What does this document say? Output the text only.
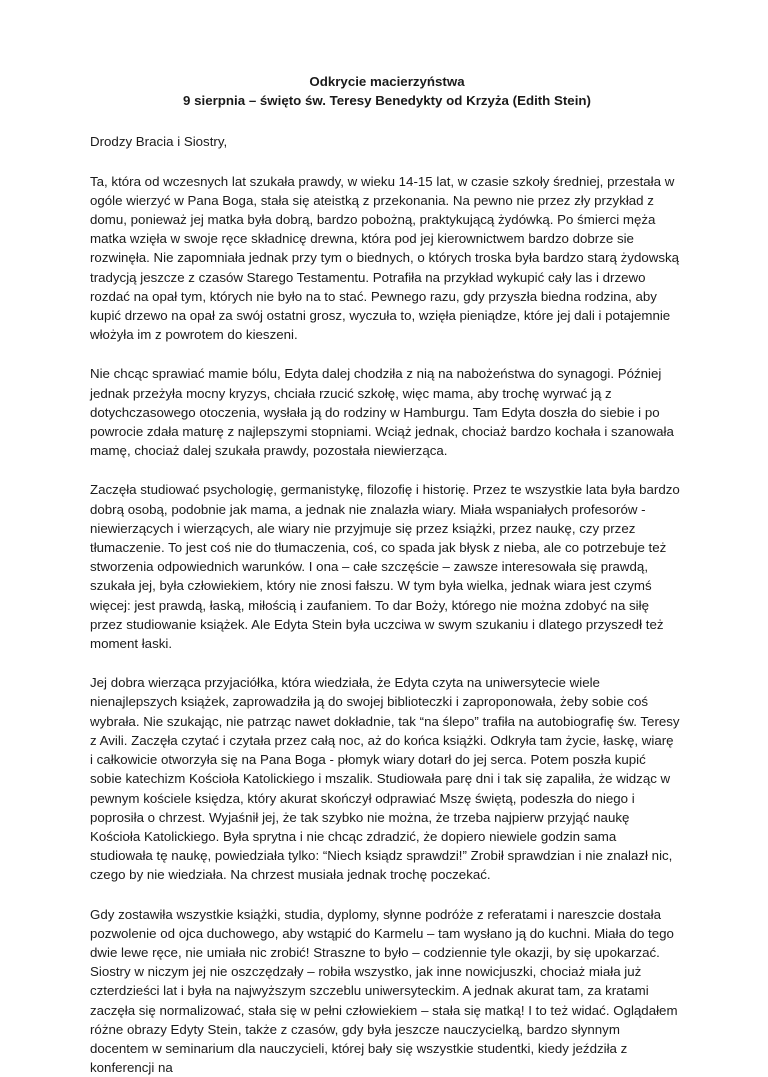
Odkrycie macierzyństwa
9 sierpnia – święto św. Teresy Benedykty od Krzyża (Edith Stein)

Drodzy Bracia i Siostry,

Ta, która od wczesnych lat szukała prawdy, w wieku 14-15 lat, w czasie szkoły średniej, przestała w ogóle wierzyć w Pana Boga, stała się ateistką z przekonania. Na pewno nie przez zły przykład z domu, ponieważ jej matka była dobrą, bardzo pobożną, praktykującą żydówką. Po śmierci męża matka wzięła w swoje ręce składnicę drewna, która pod jej kierownictwem bardzo dobrze sie rozwinęła. Nie zapomniała jednak przy tym o biednych, o których troska była bardzo starą żydowską tradycją jeszcze z czasów Starego Testamentu. Potrafiła na przykład wykupić cały las i drzewo rozdać na opał tym, których nie było na to stać. Pewnego razu, gdy przyszła biedna rodzina, aby kupić drzewo na opał za swój ostatni grosz, wyczuła to, wzięła pieniądze, które jej dali i potajemnie włożyła im z powrotem do kieszeni.

Nie chcąc sprawiać mamie bólu, Edyta dalej chodziła z nią na nabożeństwa do synagogi. Później jednak przeżyła mocny kryzys, chciała rzucić szkołę, więc mama, aby trochę wyrwać ją z dotychczasowego otoczenia, wysłała ją do rodziny w Hamburgu. Tam Edyta doszła do siebie i po powrocie zdała maturę z najlepszymi stopniami. Wciąż jednak, chociaż bardzo kochała i szanowała mamę, chociaż dalej szukała prawdy, pozostała niewierząca.

Zaczęła studiować psychologię, germanistykę, filozofię i historię. Przez te wszystkie lata była bardzo dobrą osobą, podobnie jak mama, a jednak nie znalazła wiary. Miała wspaniałych profesorów - niewierzących i wierzących, ale wiary nie przyjmuje się przez książki, przez naukę, czy przez tłumaczenie. To jest coś nie do tłumaczenia, coś, co spada jak błysk z nieba, ale co potrzebuje też stworzenia odpowiednich warunków. I ona – całe szczęście – zawsze interesowała się prawdą, szukała jej, była człowiekiem, który nie znosi fałszu. W tym była wielka, jednak wiara jest czymś więcej: jest prawdą, łaską, miłością i zaufaniem. To dar Boży, którego nie można zdobyć na siłę przez studiowanie książek. Ale Edyta Stein była uczciwa w swym szukaniu i dlatego przyszedł też moment łaski.

Jej dobra wierząca przyjaciółka, która wiedziała, że Edyta czyta na uniwersytecie wiele nienajlepszych książek, zaprowadziła ją do swojej biblioteczki i zaproponowała, żeby sobie coś wybrała. Nie szukając, nie patrząc nawet dokładnie, tak “na ślepo” trafiła na autobiografię św. Teresy z Avili. Zaczęła czytać i czytała przez całą noc, aż do końca książki. Odkryła tam życie, łaskę, wiarę i całkowicie otworzyła się na Pana Boga - płomyk wiary dotarł do jej serca. Potem poszła kupić sobie katechizm Kościoła Katolickiego i mszalik. Studiowała parę dni i tak się zapaliła, że widząc w pewnym kościele księdza, który akurat skończył odprawiać Mszę świętą, podeszła do niego i poprosiła o chrzest. Wyjaśnił jej, że tak szybko nie można, że trzeba najpierw przyjąć naukę Kościoła Katolickiego. Była sprytna i nie chcąc zdradzić, że dopiero niewiele godzin sama studiowała tę naukę, powiedziała tylko: “Niech ksiądz sprawdzi!” Zrobił sprawdzian i nie znalazł nic, czego by nie wiedziała. Na chrzest musiała jednak trochę poczekać.

Gdy zostawiła wszystkie książki, studia, dyplomy, słynne podróże z referatami i nareszcie dostała pozwolenie od ojca duchowego, aby wstąpić do Karmelu – tam wysłano ją do kuchni. Miała do tego dwie lewe ręce, nie umiała nic zrobić! Straszne to było – codziennie tyle okazji, by się upokarzać. Siostry w niczym jej nie oszczędzały – robiła wszystko, jak inne nowicjuszki, chociaż miała już czterdzieści lat i była na najwyższym szczeblu uniwersyteckim. A jednak akurat tam, za kratami zaczęła się normalizować, stała się w pełni człowiekiem – stała się matką! I to też widać. Oglądałem różne obrazy Edyty Stein, także z czasów, gdy była jeszcze nauczycielką, bardzo słynnym docentem w seminarium dla nauczycieli, której bały się wszystkie studentki, kiedy jeździła z konferencji na
